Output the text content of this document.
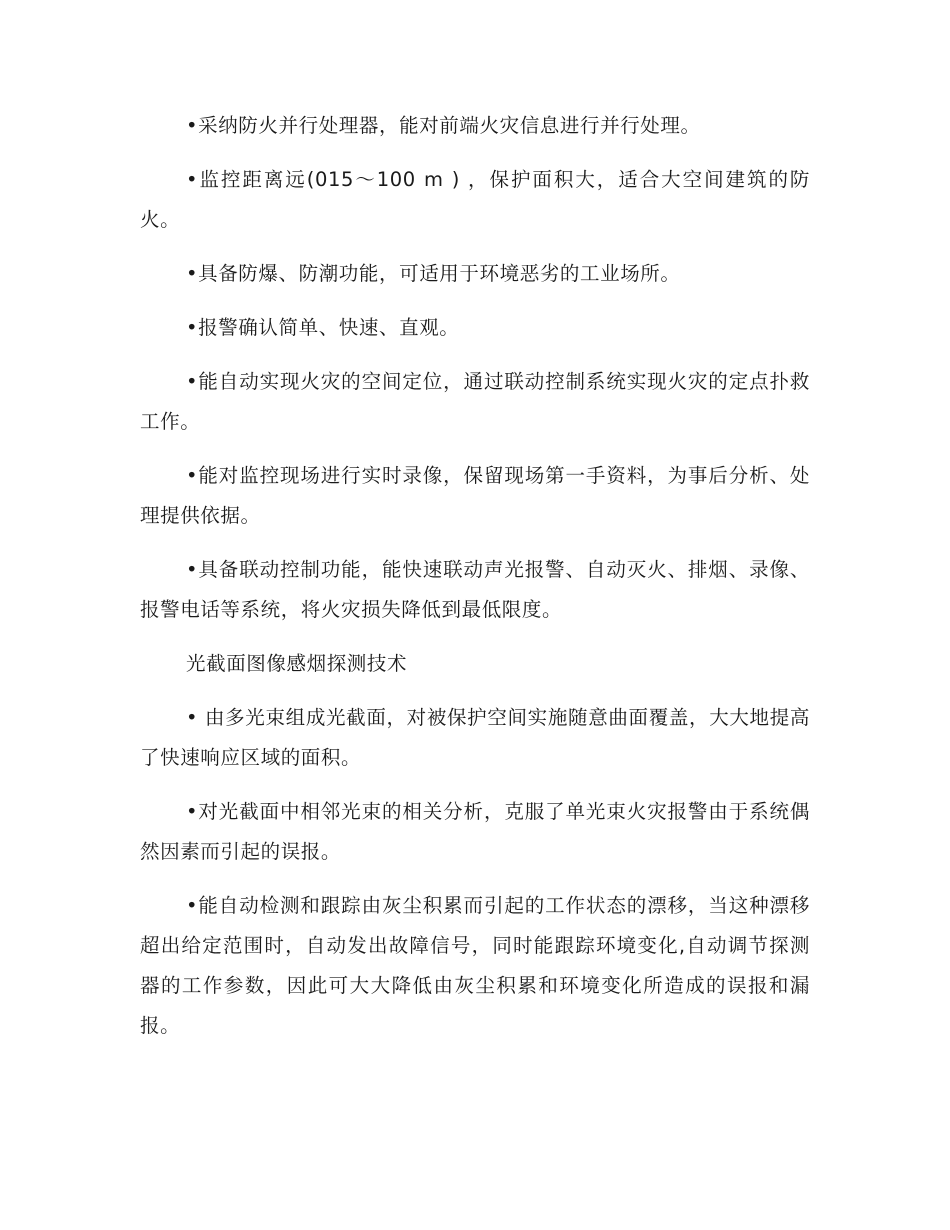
•采纳防火并行处理器，能对前端火灾信息进行并行处理。

•监控距离远(015～100 m ) ，保护面积大，适合大空间建筑的防火。

•具备防爆、防潮功能，可适用于环境恶劣的工业场所。

•报警确认简单、快速、直观。

•能自动实现火灾的空间定位，通过联动控制系统实现火灾的定点扑救工作。

•能对监控现场进行实时录像，保留现场第一手资料，为事后分析、处理提供依据。

•具备联动控制功能，能快速联动声光报警、自动灭火、排烟、录像、报警电话等系统，将火灾损失降低到最低限度。

光截面图像感烟探测技术

• 由多光束组成光截面，对被保护空间实施随意曲面覆盖，大大地提高了快速响应区域的面积。

•对光截面中相邻光束的相关分析，克服了单光束火灾报警由于系统偶然因素而引起的误报。

•能自动检测和跟踪由灰尘积累而引起的工作状态的漂移，当这种漂移超出给定范围时，自动发出故障信号，同时能跟踪环境变化,自动调节探测器的工作参数，因此可大大降低由灰尘积累和环境变化所造成的误报和漏报。
